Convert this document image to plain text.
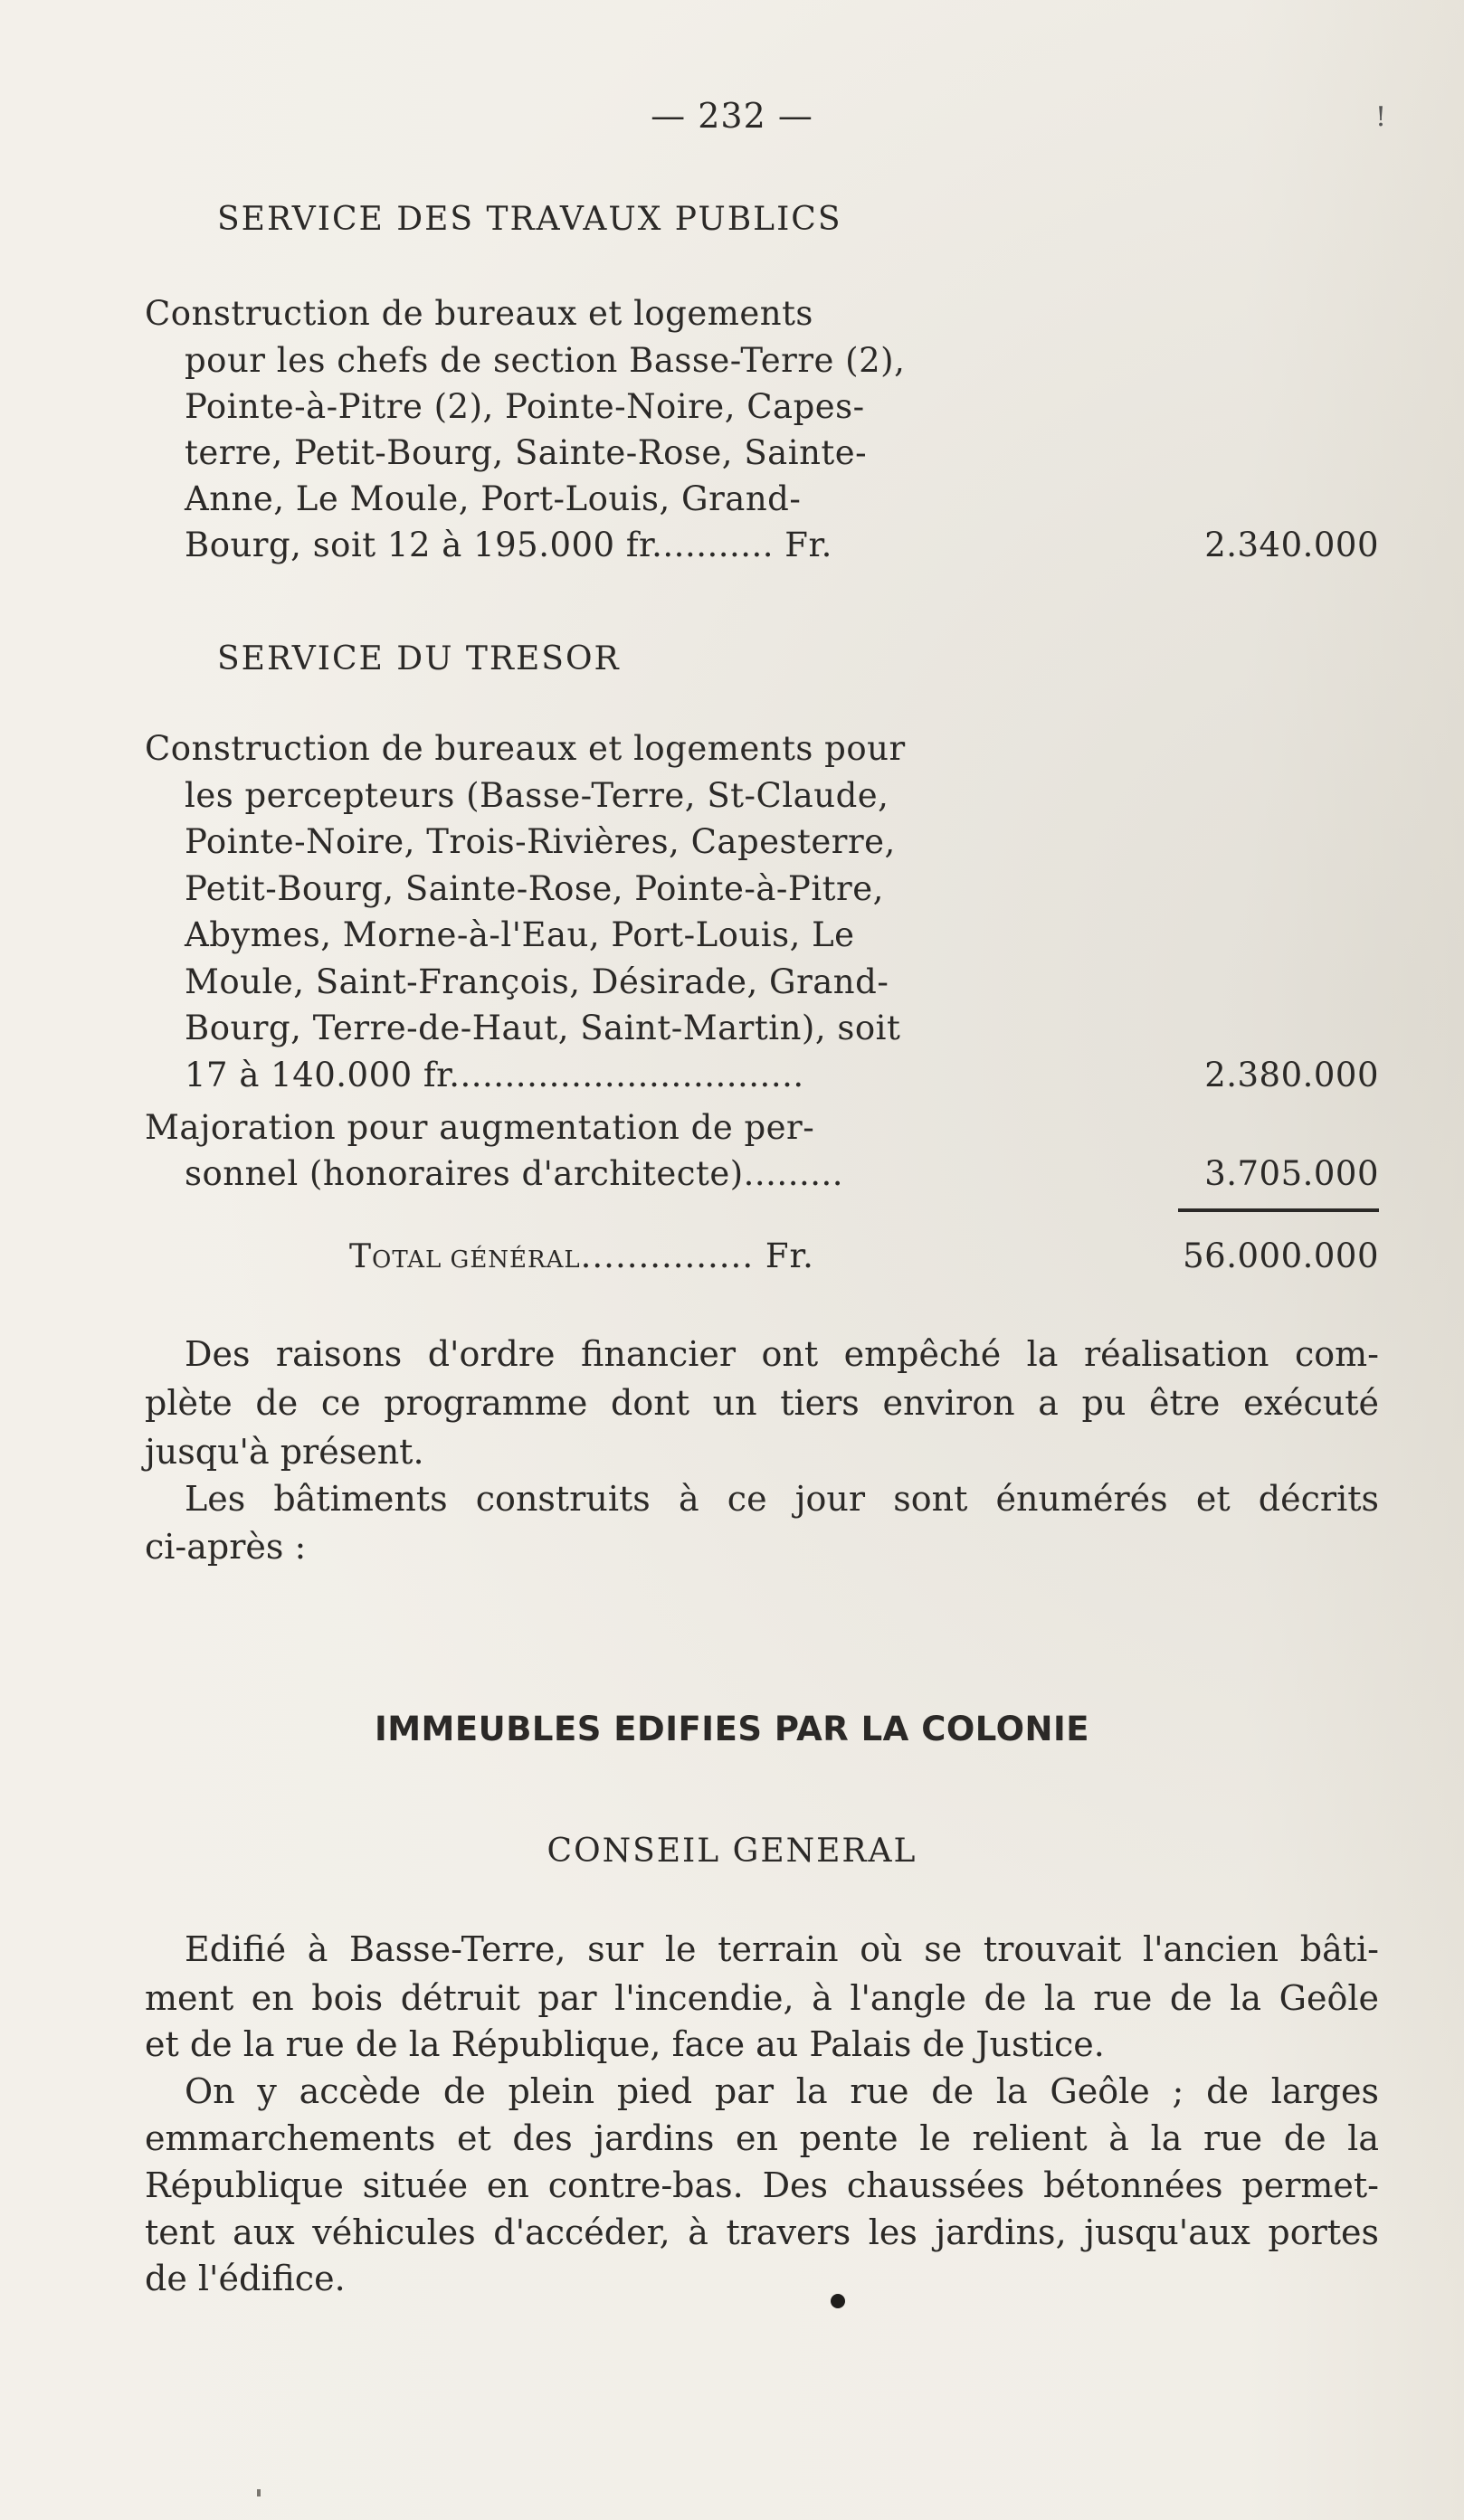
— 232 —	!
SERVICE DES TRAVAUX PUBLICS
Construction de bureaux et logements
pour les chefs de section Basse-Terre (2),
Pointe-à-Pitre (2), Pointe-Noire, Capes-
terre, Petit-Bourg, Sainte-Rose, Sainte-
Anne, Le Moule, Port-Louis, Grand-
Bourg, soit 12 à 195.000 fr........... Fr.	2.340.000
SERVICE DU TRESOR
Construction de bureaux et logements pour
les percepteurs (Basse-Terre, St-Claude,
Pointe-Noire, Trois-Rivières, Capesterre,
Petit-Bourg, Sainte-Rose, Pointe-à-Pitre,
Abymes, Morne-à-l'Eau, Port-Louis, Le
Moule, Saint-François, Désirade, Grand-
Bourg, Terre-de-Haut, Saint-Martin), soit
17 à 140.000 fr................................	2.380.000
Majoration pour augmentation de per-
sonnel (honoraires d'architecte).........	3.705.000
TOTAL GÉNÉRAL............... Fr.	56.000.000
Des raisons d'ordre financier ont empêché la réalisation com-
plète de ce programme dont un tiers environ a pu être exécuté
jusqu'à présent.
Les bâtiments construits à ce jour sont énumérés et décrits
ci-après :
IMMEUBLES EDIFIES PAR LA COLONIE
CONSEIL GENERAL
Edifié à Basse-Terre, sur le terrain où se trouvait l'ancien bâti-
ment en bois détruit par l'incendie, à l'angle de la rue de la Geôle
et de la rue de la République, face au Palais de Justice.
On y accède de plein pied par la rue de la Geôle ; de larges
emmarchements et des jardins en pente le relient à la rue de la
République située en contre-bas. Des chaussées bétonnées permet-
tent aux véhicules d'accéder, à travers les jardins, jusqu'aux portes
de l'édifice.
